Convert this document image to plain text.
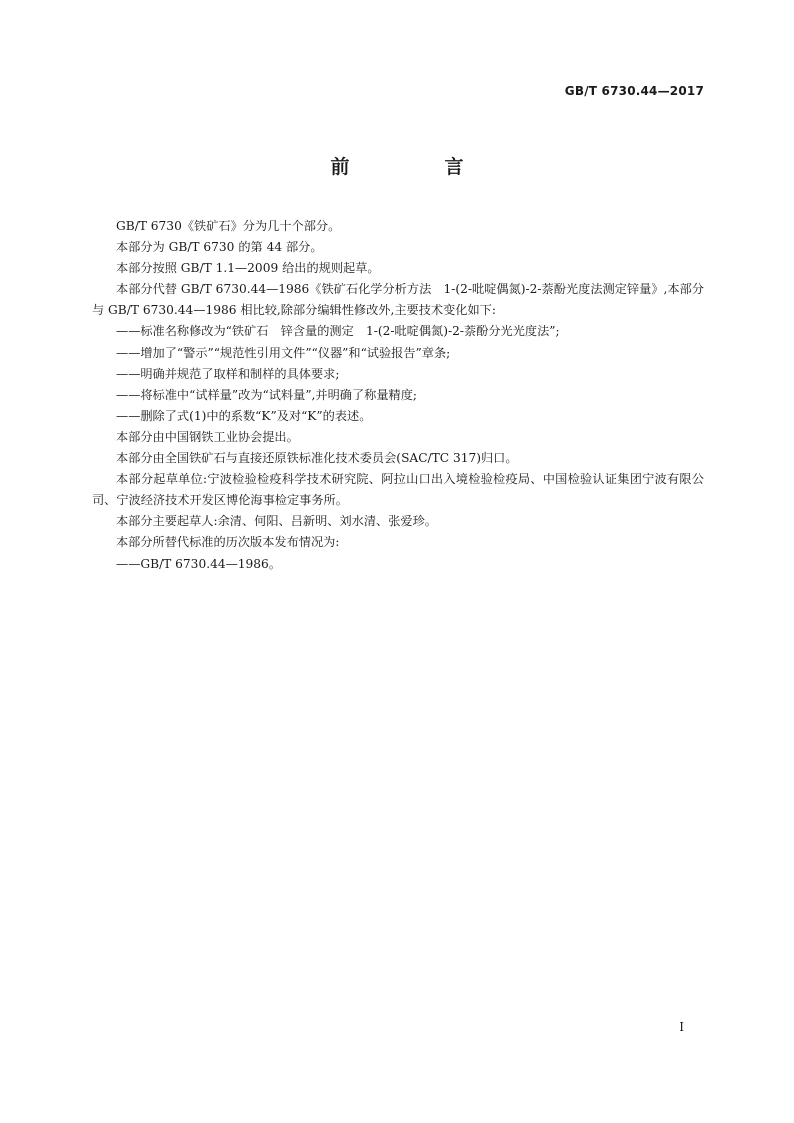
GB/T 6730.44—2017
前　言

GB/T 6730《铁矿石》分为几十个部分。

本部分为 GB/T 6730 的第 44 部分。

本部分按照 GB/T 1.1—2009 给出的规则起草。

本部分代替 GB/T 6730.44—1986《铁矿石化学分析方法　1-(2-吡啶偶氮)-2-萘酚光度法测定锌量》,本部分与 GB/T 6730.44—1986 相比较,除部分编辑性修改外,主要技术变化如下:

——标准名称修改为“铁矿石　锌含量的测定　1-(2-吡啶偶氮)-2-萘酚分光光度法”;

——增加了“警示”“规范性引用文件”“仪器”和“试验报告”章条;

——明确并规范了取样和制样的具体要求;

——将标准中“试样量”改为“试料量”,并明确了称量精度;

——删除了式(1)中的系数“K”及对“K”的表述。

本部分由中国钢铁工业协会提出。

本部分由全国铁矿石与直接还原铁标准化技术委员会(SAC/TC 317)归口。

本部分起草单位:宁波检验检疫科学技术研究院、阿拉山口出入境检验检疫局、中国检验认证集团宁波有限公司、宁波经济技术开发区博伦海事检定事务所。

本部分主要起草人:余清、何阳、吕新明、刘水清、张爱珍。

本部分所替代标准的历次版本发布情况为:

——GB/T 6730.44—1986。

I
